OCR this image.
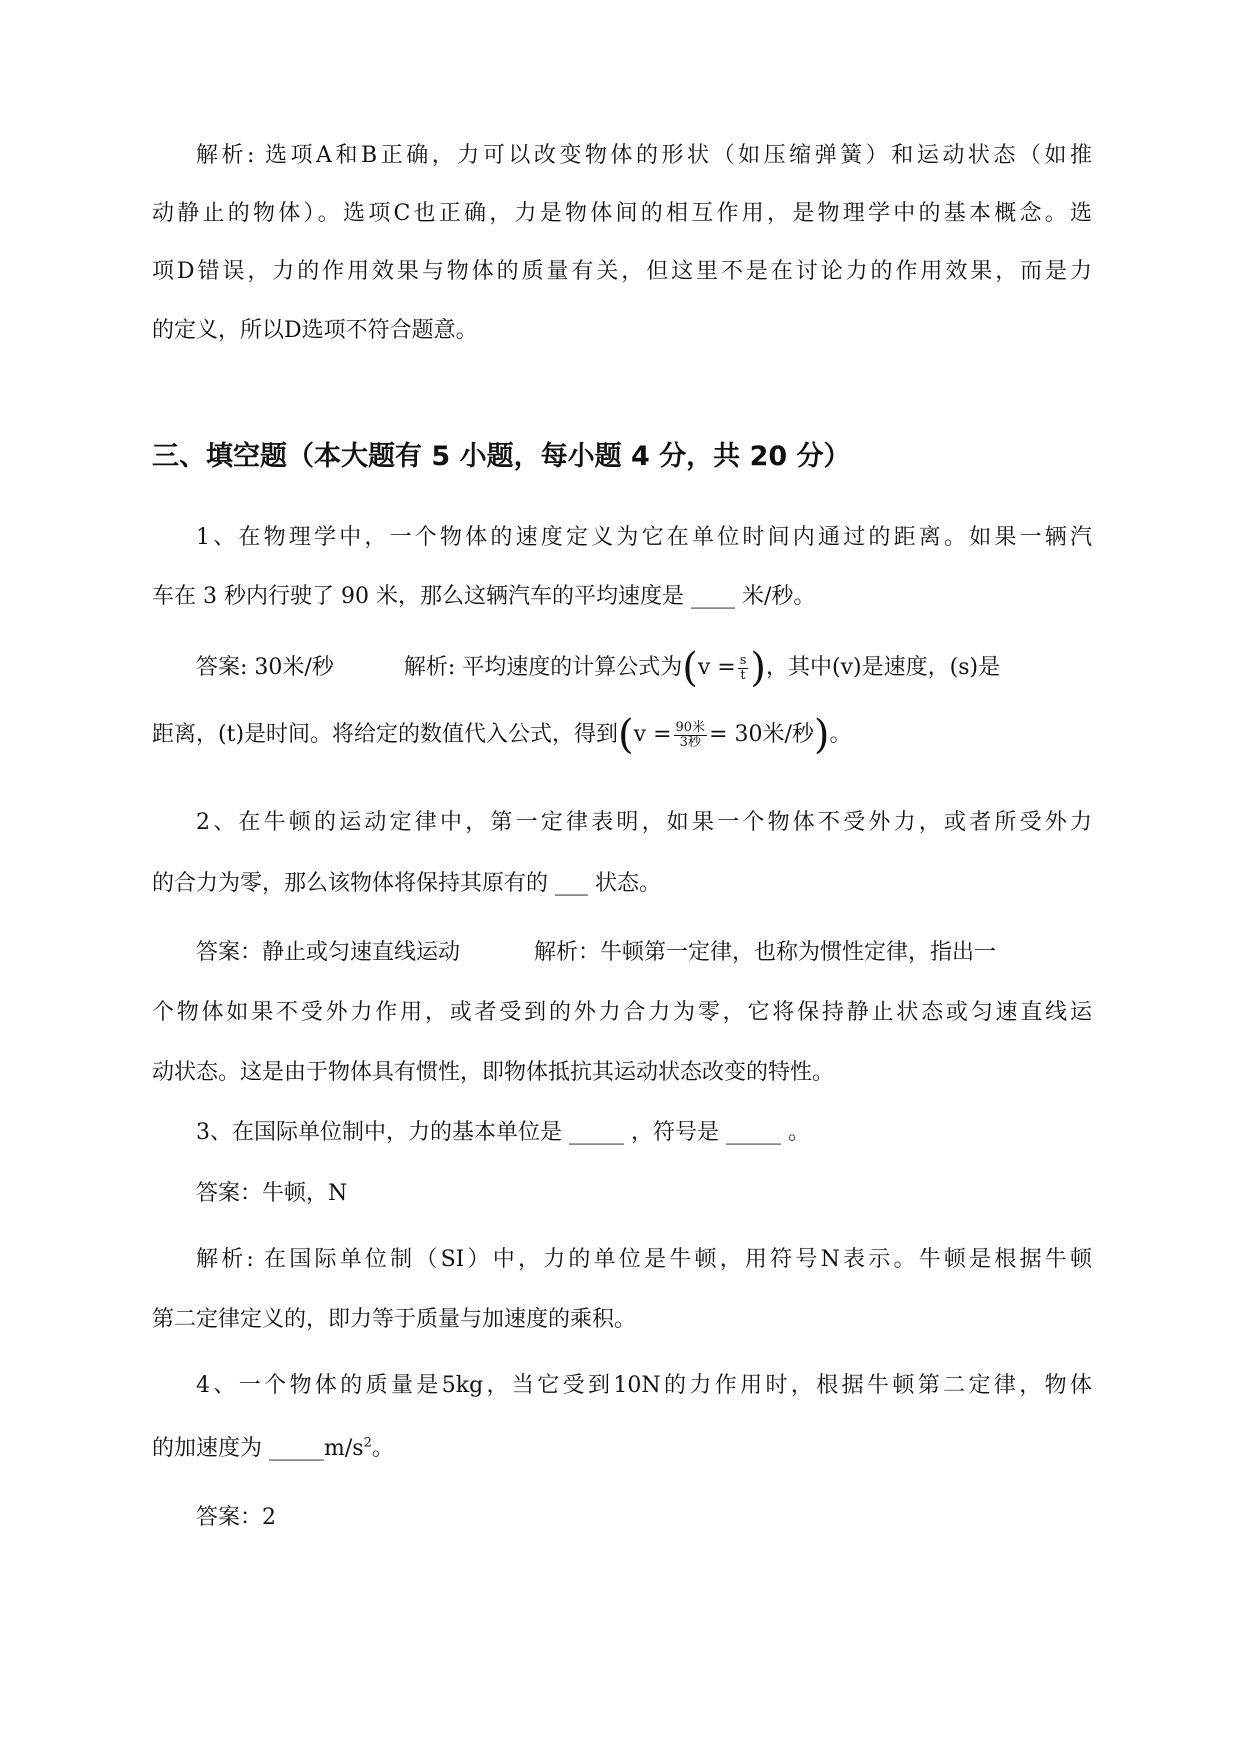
解析: 选项A和B正确，力可以改变物体的形状（如压缩弹簧）和运动状态（如推
动静止的物体）。选项C也正确，力是物体间的相互作用，是物理学中的基本概念。选
项D错误，力的作用效果与物体的质量有关，但这里不是在讨论力的作用效果，而是力
的定义，所以D选项不符合题意。
三、填空题（本大题有 5 小题，每小题 4 分，共 20 分）
1、在物理学中，一个物体的速度定义为它在单位时间内通过的距离。如果一辆汽
车在 3 秒内行驶了 90 米，那么这辆汽车的平均速度是 ____ 米/秒。
答案: 30米/秒	解析: 平均速度的计算公式为($v = \frac{s}{t}$ )，其中(v)是速度，(s)是
距离，(t)是时间。将给定的数值代入公式，得到($v = \frac{\text{90米}}{\text{3秒}} = 30$米/秒)。
2、在牛顿的运动定律中，第一定律表明，如果一个物体不受外力，或者所受外力
的合力为零，那么该物体将保持其原有的 ___ 状态。
答案：静止或匀速直线运动	解析：牛顿第一定律，也称为惯性定律，指出一
个物体如果不受外力作用，或者受到的外力合力为零，它将保持静止状态或匀速直线运
动状态。这是由于物体具有惯性，即物体抵抗其运动状态改变的特性。
3、在国际单位制中，力的基本单位是 _____ ，符号是 _____ 。
答案：牛顿，N
解析: 在国际单位制（SI）中，力的单位是牛顿，用符号N表示。牛顿是根据牛顿
第二定律定义的，即力等于质量与加速度的乘积。
4、一个物体的质量是5kg，当它受到10N的力作用时，根据牛顿第二定律，物体
的加速度为 $\_\_\_\_\_m/s^2$。
答案：2
